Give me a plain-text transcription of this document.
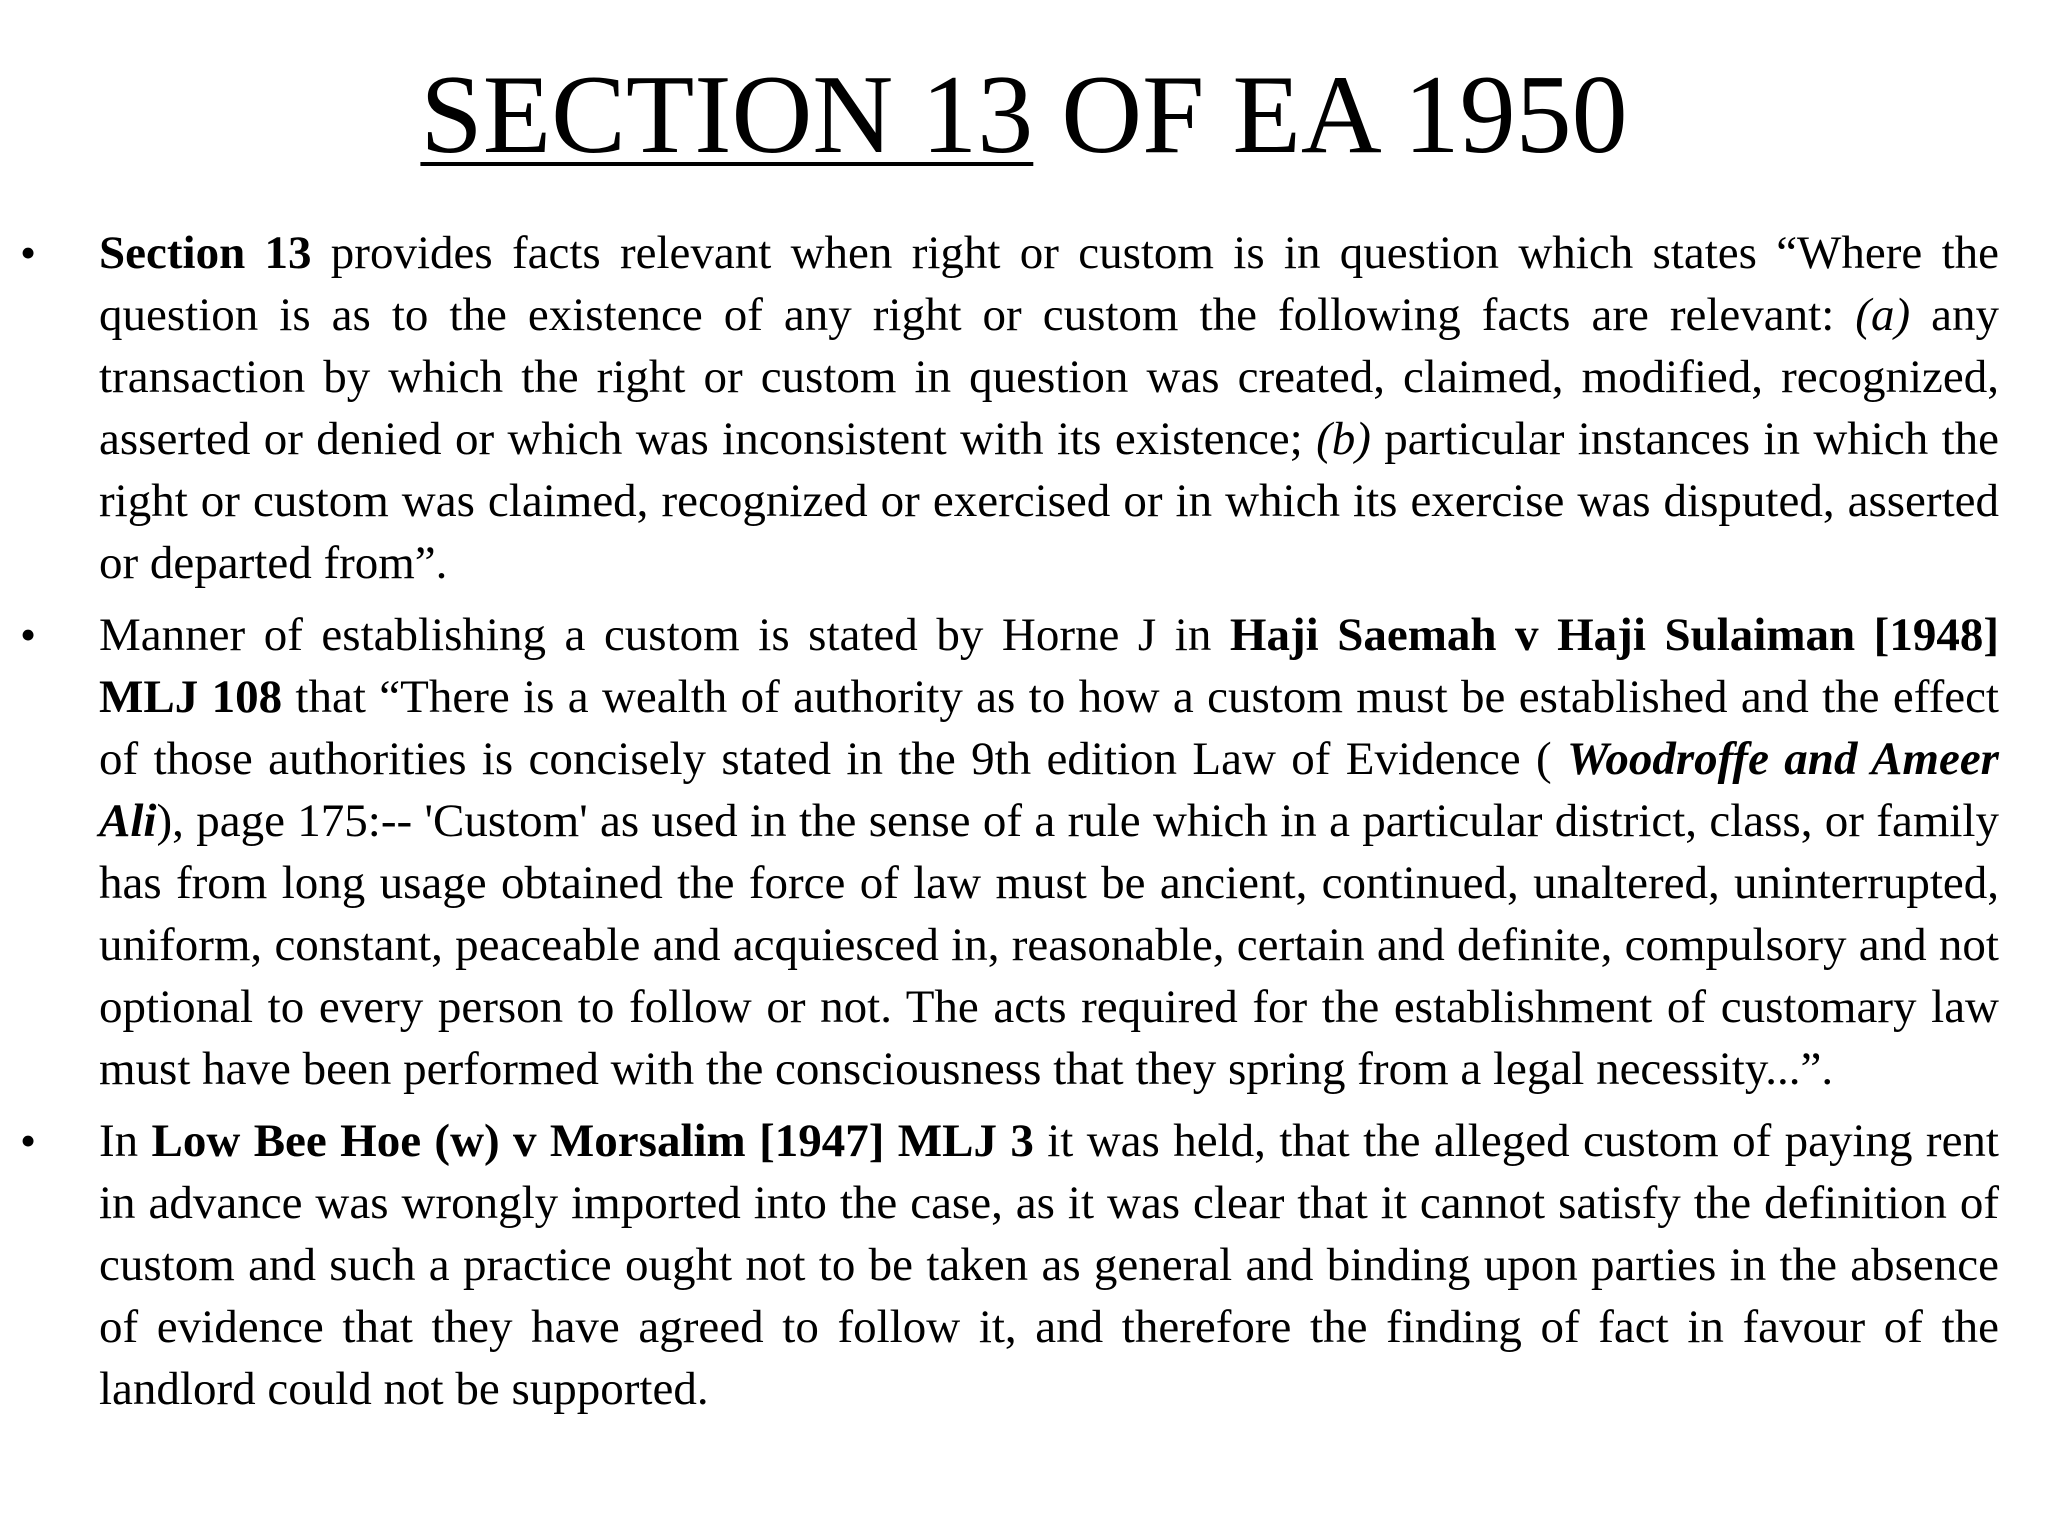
SECTION 13 OF EA 1950
• Section 13 provides facts relevant when right or custom is in question which states “Where the question is as to the existence of any right or custom the following facts are relevant: (a) any transaction by which the right or custom in question was created, claimed, modified, recognized, asserted or denied or which was inconsistent with its existence; (b) particular instances in which the right or custom was claimed, recognized or exercised or in which its exercise was disputed, asserted or departed from”.
• Manner of establishing a custom is stated by Horne J in Haji Saemah v Haji Sulaiman [1948] MLJ 108 that “There is a wealth of authority as to how a custom must be established and the effect of those authorities is concisely stated in the 9th edition Law of Evidence ( Woodroffe and Ameer Ali), page 175:-- 'Custom' as used in the sense of a rule which in a particular district, class, or family has from long usage obtained the force of law must be ancient, continued, unaltered, uninterrupted, uniform, constant, peaceable and acquiesced in, reasonable, certain and definite, compulsory and not optional to every person to follow or not. The acts required for the establishment of customary law must have been performed with the consciousness that they spring from a legal necessity...”.
• In Low Bee Hoe (w) v Morsalim [1947] MLJ 3 it was held, that the alleged custom of paying rent in advance was wrongly imported into the case, as it was clear that it cannot satisfy the definition of custom and such a practice ought not to be taken as general and binding upon parties in the absence of evidence that they have agreed to follow it, and therefore the finding of fact in favour of the landlord could not be supported.
